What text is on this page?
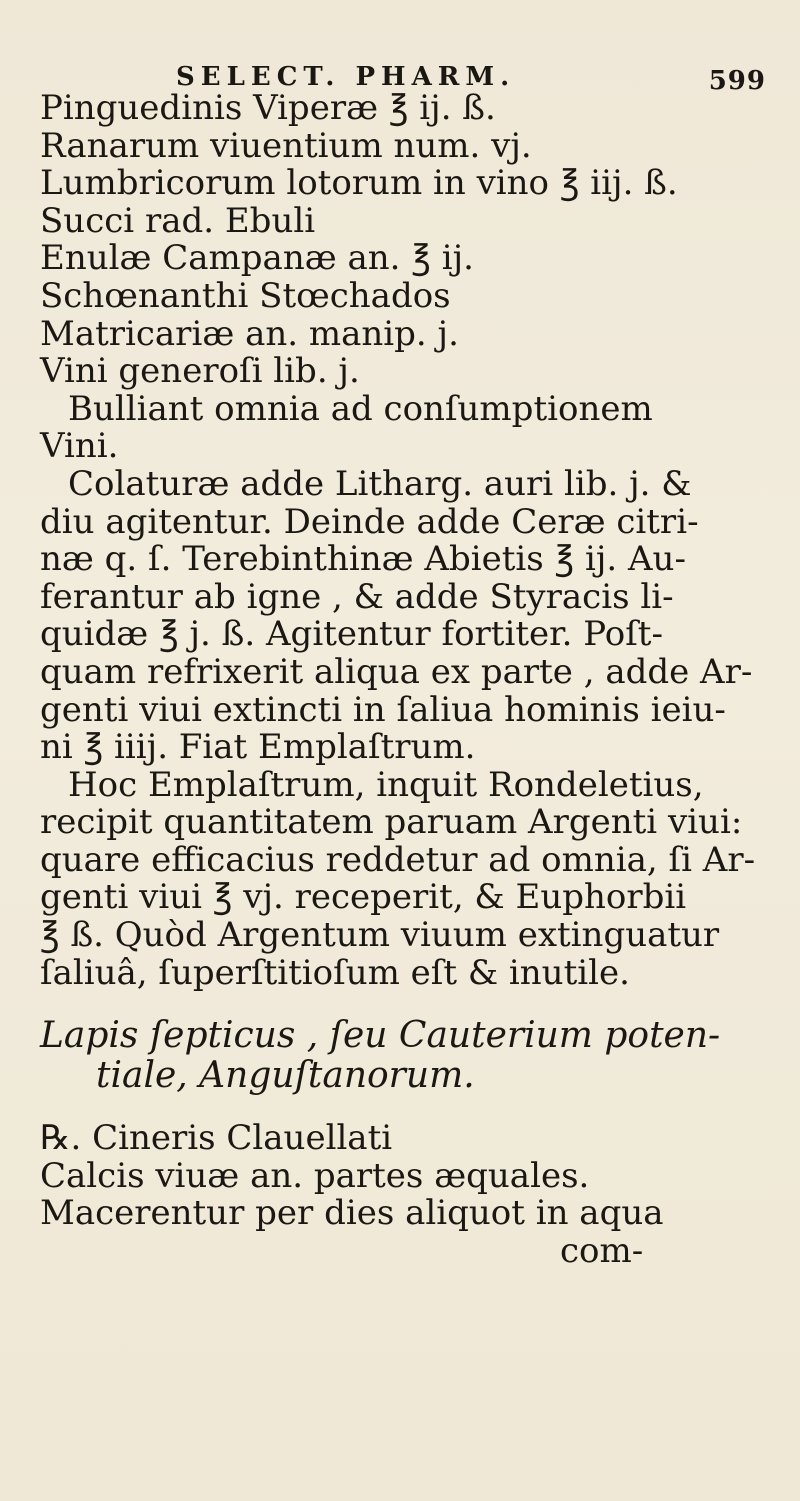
SELECT. PHARM.	599
Pinguedinis Viperæ ℥ ij. ß.
Ranarum viuentium num. vj.
Lumbricorum lotorum in vino ℥ iij. ß.
Succi rad. Ebuli
Enulæ Campanæ an. ℥ ij.
Schœnanthi Stœchados
Matricariæ an. manip. j.
Vini generoſi lib. j.
Bulliant omnia ad conſumptionem
Vini.
Colaturæ adde Litharg. auri lib. j. &
diu agitentur. Deinde adde Ceræ citri-
næ q. ſ. Terebinthinæ Abietis ℥ ij. Au-
ferantur ab igne , & adde Styracis li-
quidæ ℥ j. ß. Agitentur fortiter. Poſt-
quam refrixerit aliqua ex parte , adde Ar-
genti viui extincti in ſaliua hominis ieiu-
ni ℥ iiij. Fiat Emplaſtrum.
Hoc Emplaſtrum, inquit Rondeletius,
recipit quantitatem paruam Argenti viui:
quare efficacius reddetur ad omnia, ſi Ar-
genti viui ℥ vj. receperit, & Euphorbii
℥ ß. Quòd Argentum viuum extinguatur
ſaliuâ, ſuperſtitioſum eſt & inutile.
Lapis ſepticus , ſeu Cauterium poten-
tiale, Anguſtanorum.
℞. Cineris Clauellati
Calcis viuæ an. partes æquales.
Macerentur per dies aliquot in aqua
com-
